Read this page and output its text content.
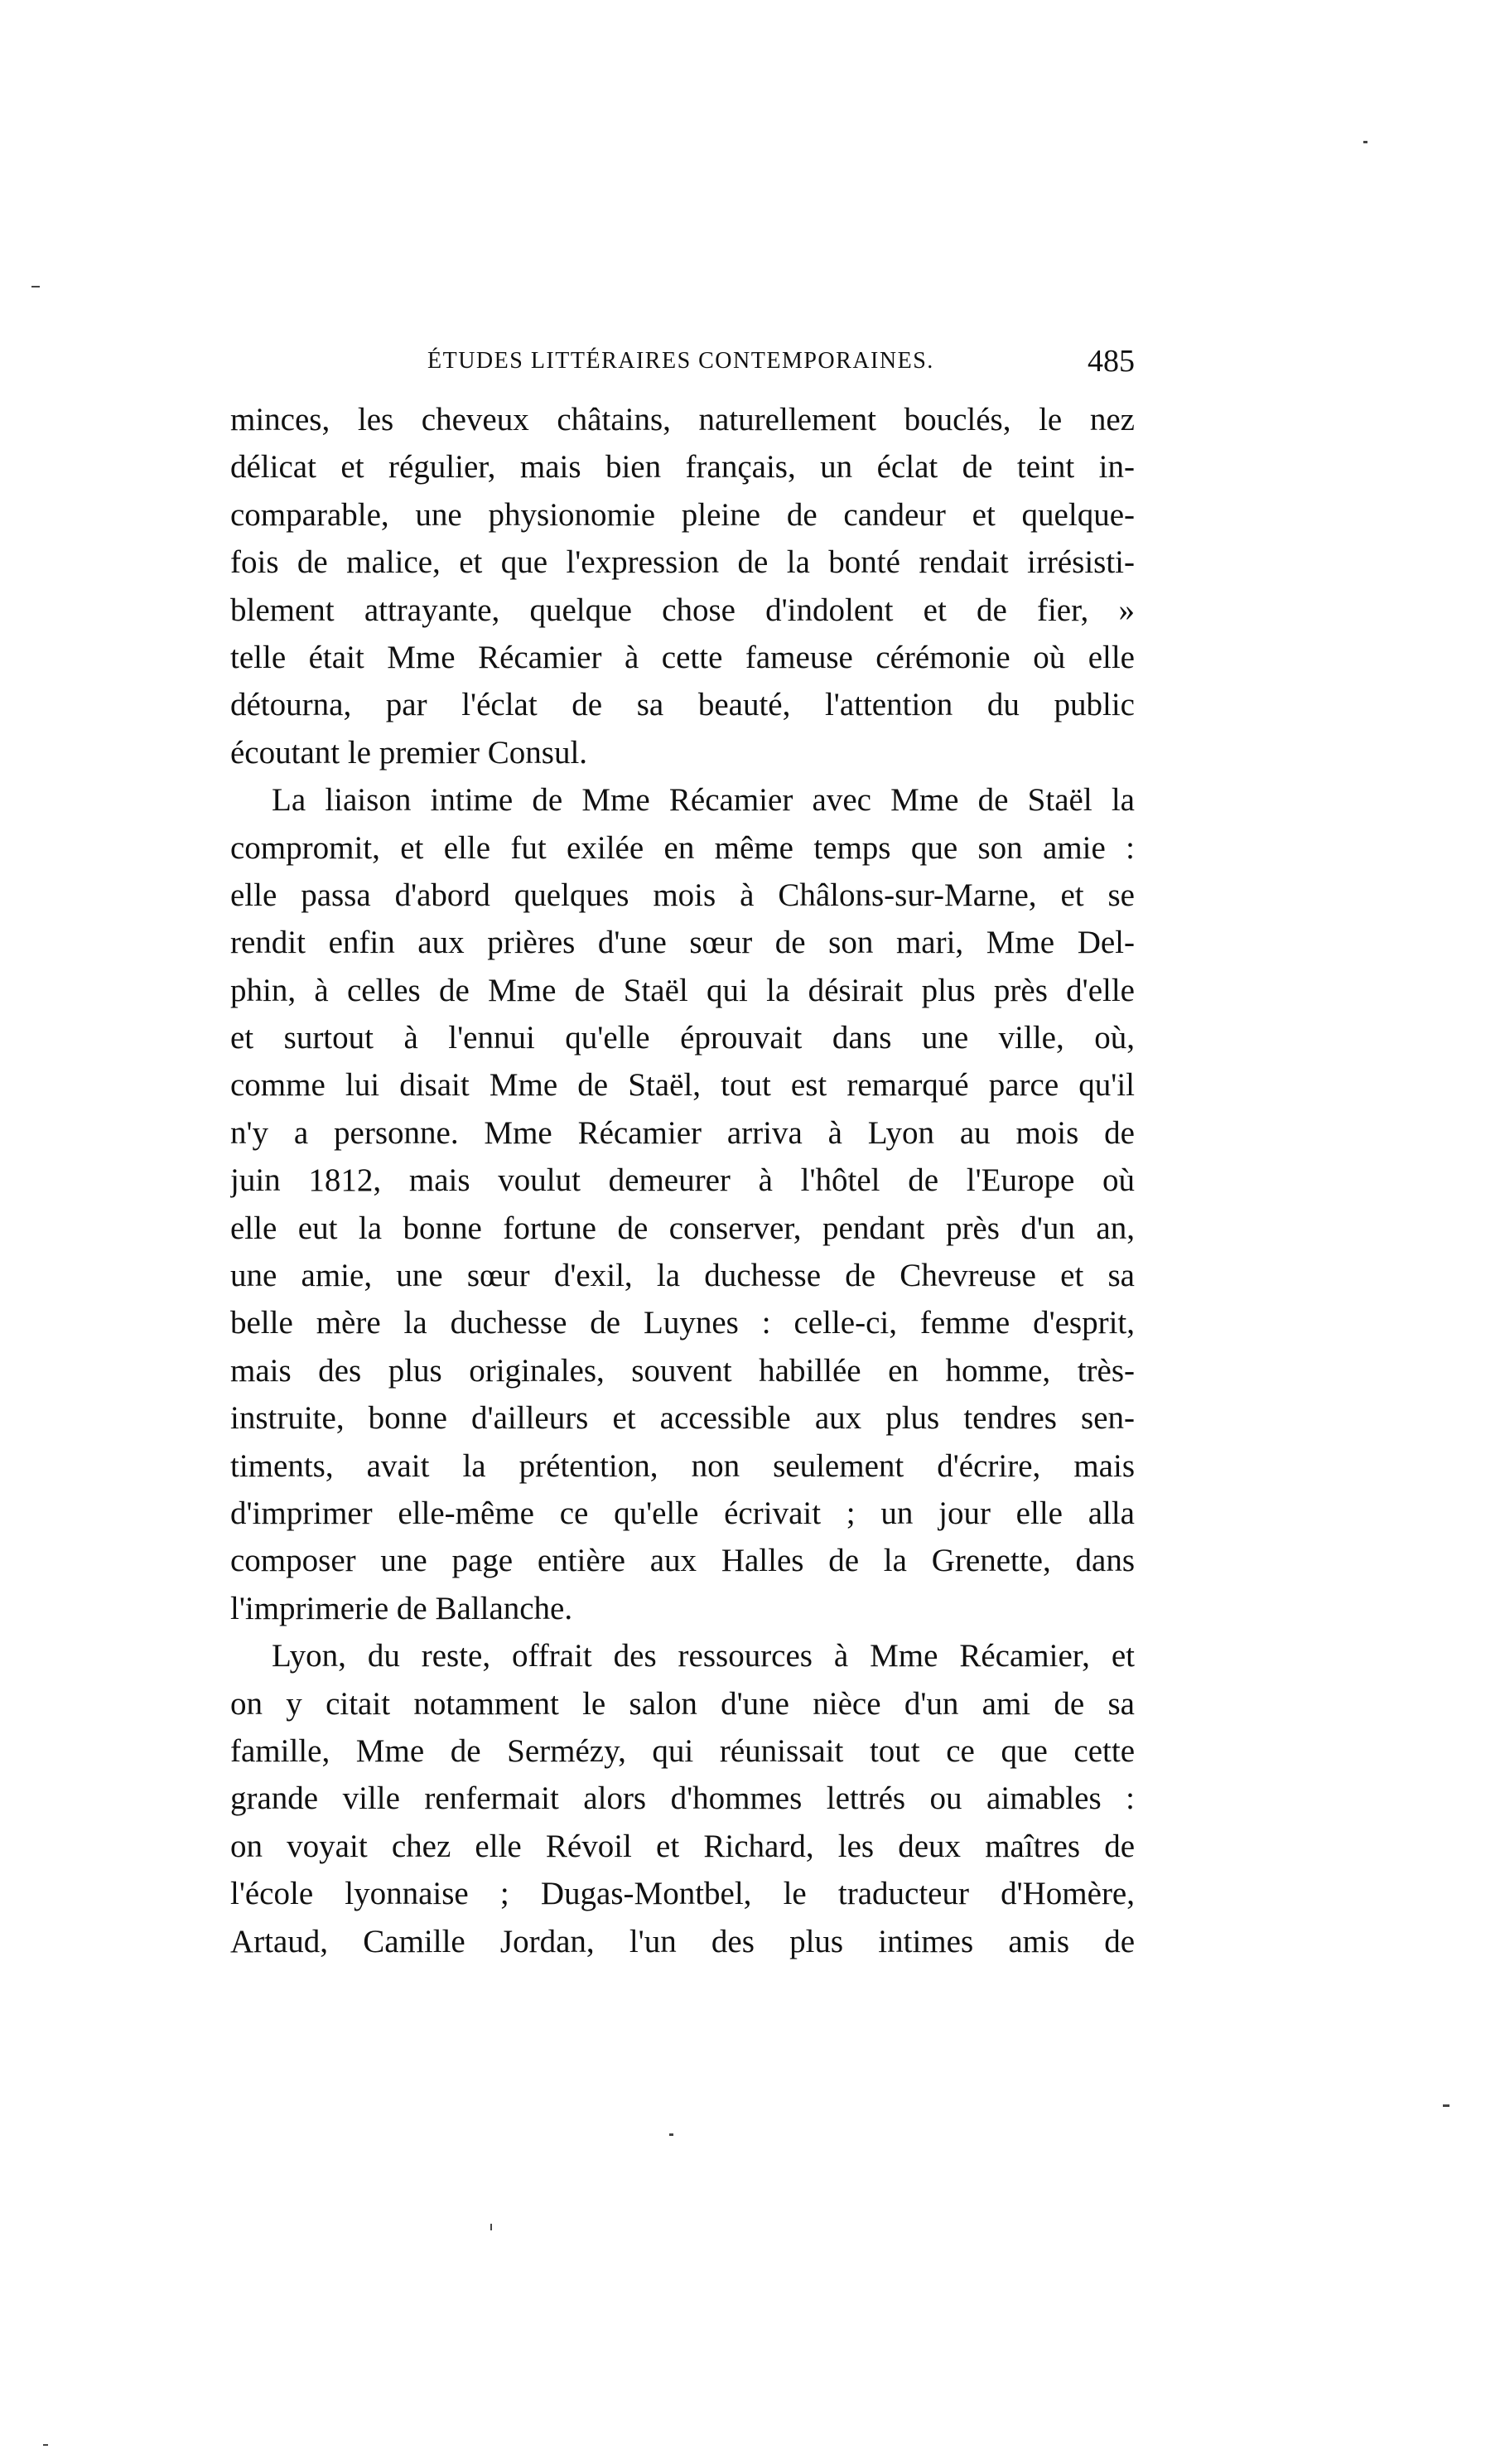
ÉTUDES LITTÉRAIRES CONTEMPORAINES.	485
minces, les cheveux châtains, naturellement bouclés, le nez
délicat et régulier, mais bien français, un éclat de teint in-
comparable, une physionomie pleine de candeur et quelque-
fois de malice, et que l'expression de la bonté rendait irrésisti-
blement attrayante, quelque chose d'indolent et de fier, »
telle était Mme Récamier à cette fameuse cérémonie où elle
détourna, par l'éclat de sa beauté, l'attention du public
écoutant le premier Consul.
La liaison intime de Mme Récamier avec Mme de Staël la
compromit, et elle fut exilée en même temps que son amie :
elle passa d'abord quelques mois à Châlons-sur-Marne, et se
rendit enfin aux prières d'une sœur de son mari, Mme Del-
phin, à celles de Mme de Staël qui la désirait plus près d'elle
et surtout à l'ennui qu'elle éprouvait dans une ville, où,
comme lui disait Mme de Staël, tout est remarqué parce qu'il
n'y a personne. Mme Récamier arriva à Lyon au mois de
juin 1812, mais voulut demeurer à l'hôtel de l'Europe où
elle eut la bonne fortune de conserver, pendant près d'un an,
une amie, une sœur d'exil, la duchesse de Chevreuse et sa
belle mère la duchesse de Luynes : celle-ci, femme d'esprit,
mais des plus originales, souvent habillée en homme, très-
instruite, bonne d'ailleurs et accessible aux plus tendres sen-
timents, avait la prétention, non seulement d'écrire, mais
d'imprimer elle-même ce qu'elle écrivait ; un jour elle alla
composer une page entière aux Halles de la Grenette, dans
l'imprimerie de Ballanche.
Lyon, du reste, offrait des ressources à Mme Récamier, et
on y citait notamment le salon d'une nièce d'un ami de sa
famille, Mme de Sermézy, qui réunissait tout ce que cette
grande ville renfermait alors d'hommes lettrés ou aimables :
on voyait chez elle Révoil et Richard, les deux maîtres de
l'école lyonnaise ; Dugas-Montbel, le traducteur d'Homère,
Artaud, Camille Jordan, l'un des plus intimes amis de
